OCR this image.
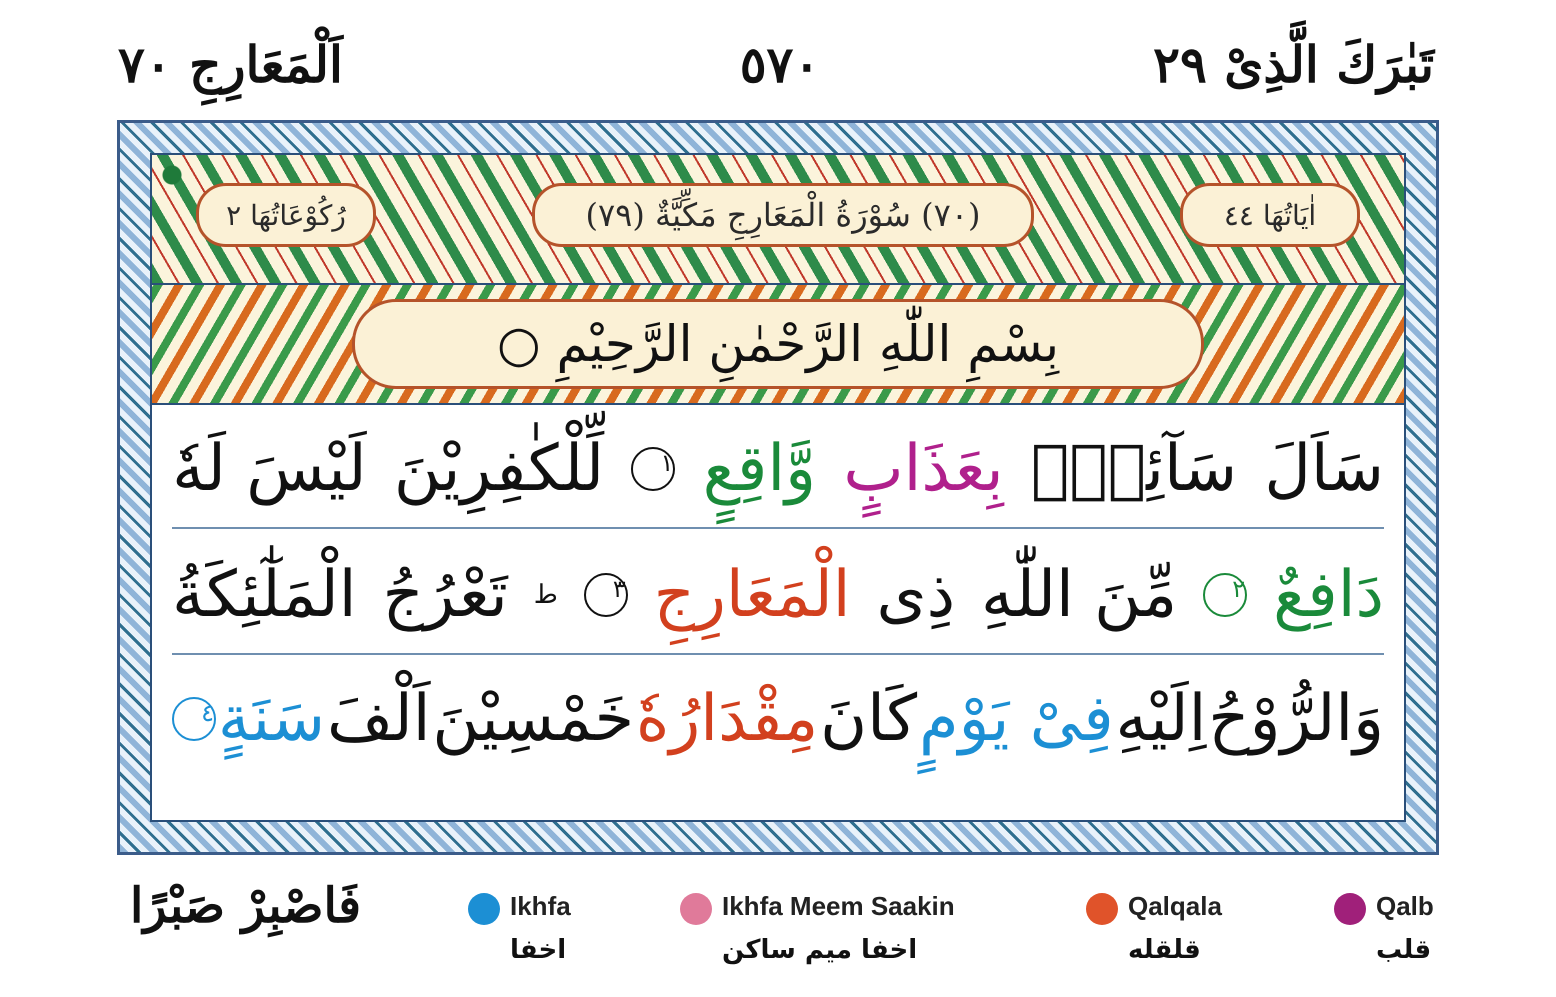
اَلْمَعَارِجِ ٧٠	٥٧٠	تَبٰرَكَ الَّذِیْ ٢٩
رُکُوْعَاتُهَا ٢	(٧٠) سُوْرَةُ الْمَعَارِجِ مَكِّيَّةٌ (٧٩)	اٰیَاتُهَا ٤٤
بِسْمِ اللّٰهِ الرَّحْمٰنِ الرَّحِیْمِ ○
سَاَلَ
سَآئِلٌۢ
بِعَذَابٍ
وَّاقِعٍ
١
لِّلْكٰفِرِیْنَ
لَیْسَ لَهٗ
دَافِعٌ
٢
مِّنَ اللّٰهِ
ذِی
الْمَعَارِجِ
٣
ط
تَعْرُجُ
الْمَلٰٓئِكَةُ
وَالرُّوْحُ
اِلَیْهِ
فِیْ یَوْمٍ
كَانَ
مِقْدَارُهٗ
خَمْسِیْنَ
اَلْفَ
سَنَةٍ
٤
فَاصْبِرْ صَبْرًا	Ikhfa
اخفا
Ikhfa Meem Saakin
اخفا میم ساکن
Qalqala
قلقله
Qalb
قلب
